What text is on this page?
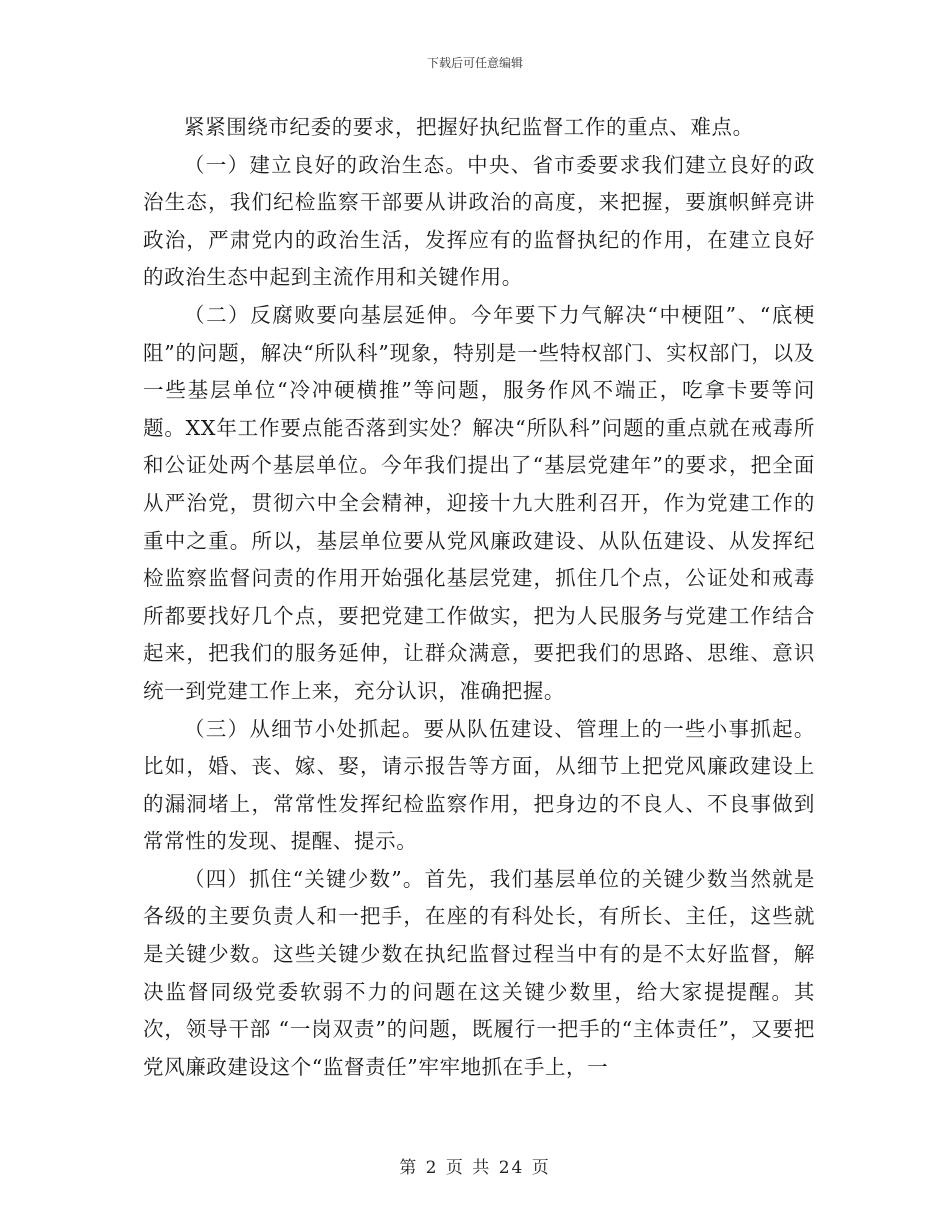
下载后可任意编辑

紧紧围绕市纪委的要求，把握好执纪监督工作的重点、难点。

（一）建立良好的政治生态。中央、省市委要求我们建立良好的政治生态，我们纪检监察干部要从讲政治的高度，来把握，要旗帜鲜亮讲政治，严肃党内的政治生活，发挥应有的监督执纪的作用，在建立良好的政治生态中起到主流作用和关键作用。

（二）反腐败要向基层延伸。今年要下力气解决“中梗阻”、“底梗阻”的问题，解决“所队科”现象，特别是一些特权部门、实权部门，以及一些基层单位“冷冲硬横推”等问题，服务作风不端正，吃拿卡要等问题。XX年工作要点能否落到实处？解决“所队科”问题的重点就在戒毒所和公证处两个基层单位。今年我们提出了“基层党建年”的要求，把全面从严治党，贯彻六中全会精神，迎接十九大胜利召开，作为党建工作的重中之重。所以，基层单位要从党风廉政建设、从队伍建设、从发挥纪检监察监督问责的作用开始强化基层党建，抓住几个点，公证处和戒毒所都要找好几个点，要把党建工作做实，把为人民服务与党建工作结合起来，把我们的服务延伸，让群众满意，要把我们的思路、思维、意识统一到党建工作上来，充分认识，准确把握。

（三）从细节小处抓起。要从队伍建设、管理上的一些小事抓起。比如，婚、丧、嫁、娶，请示报告等方面，从细节上把党风廉政建设上的漏洞堵上，常常性发挥纪检监察作用，把身边的不良人、不良事做到常常性的发现、提醒、提示。

（四）抓住“关键少数”。首先，我们基层单位的关键少数当然就是各级的主要负责人和一把手，在座的有科处长，有所长、主任，这些就是关键少数。这些关键少数在执纪监督过程当中有的是不太好监督，解决监督同级党委软弱不力的问题在这关键少数里，给大家提提醒。其次，领导干部 “一岗双责”的问题，既履行一把手的“主体责任”，又要把党风廉政建设这个“监督责任”牢牢地抓在手上，一

第 2 页 共 24 页
